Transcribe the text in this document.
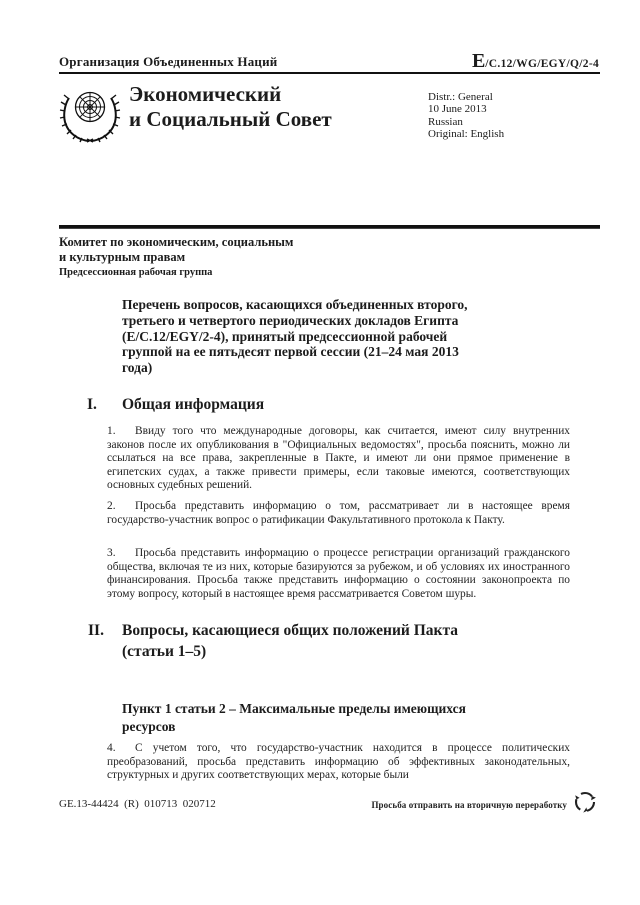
Организация Объединенных Наций	E /C.12/WG/EGY/Q/2-4
Экономический
и Социальный Совет
Distr.: General
10 June 2013
Russian
Original: English
Комитет по экономическим, социальным
и культурным правам
Предсессионная рабочая группа
Перечень вопросов, касающихся объединенных второго, третьего и четвертого периодических докладов Египта (E/C.12/EGY/2-4), принятый предсессионной рабочей группой на ее пятьдесят первой сессии (21–24 мая 2013 года)
I. Общая информация

1. Ввиду того что международные договоры, как считается, имеют силу внутренних законов после их опубликования в "Официальных ведомостях", просьба пояснить, можно ли ссылаться на все права, закрепленные в Пакте, и имеют ли они прямое применение в египетских судах, а также привести примеры, если таковые имеются, соответствующих основных судебных решений.

2. Просьба представить информацию о том, рассматривает ли в настоящее время государство-участник вопрос о ратификации Факультативного протокола к Пакту.

3. Просьба представить информацию о процессе регистрации организаций гражданского общества, включая те из них, которые базируются за рубежом, и об условиях их иностранного финансирования. Просьба также представить информацию о состоянии законопроекта по этому вопросу, который в настоящее время рассматривается Советом шуры.

II. Вопросы, касающиеся общих положений Пакта (статьи 1–5)
Пункт 1 статьи 2 – Максимальные пределы имеющихся ресурсов

4. С учетом того, что государство-участник находится в процессе политических преобразований, просьба представить информацию об эффективных законодательных, структурных и других соответствующих мерах, которые были

GE.13-44424  (R)  010713  020712	Просьба отправить на вторичную переработку
